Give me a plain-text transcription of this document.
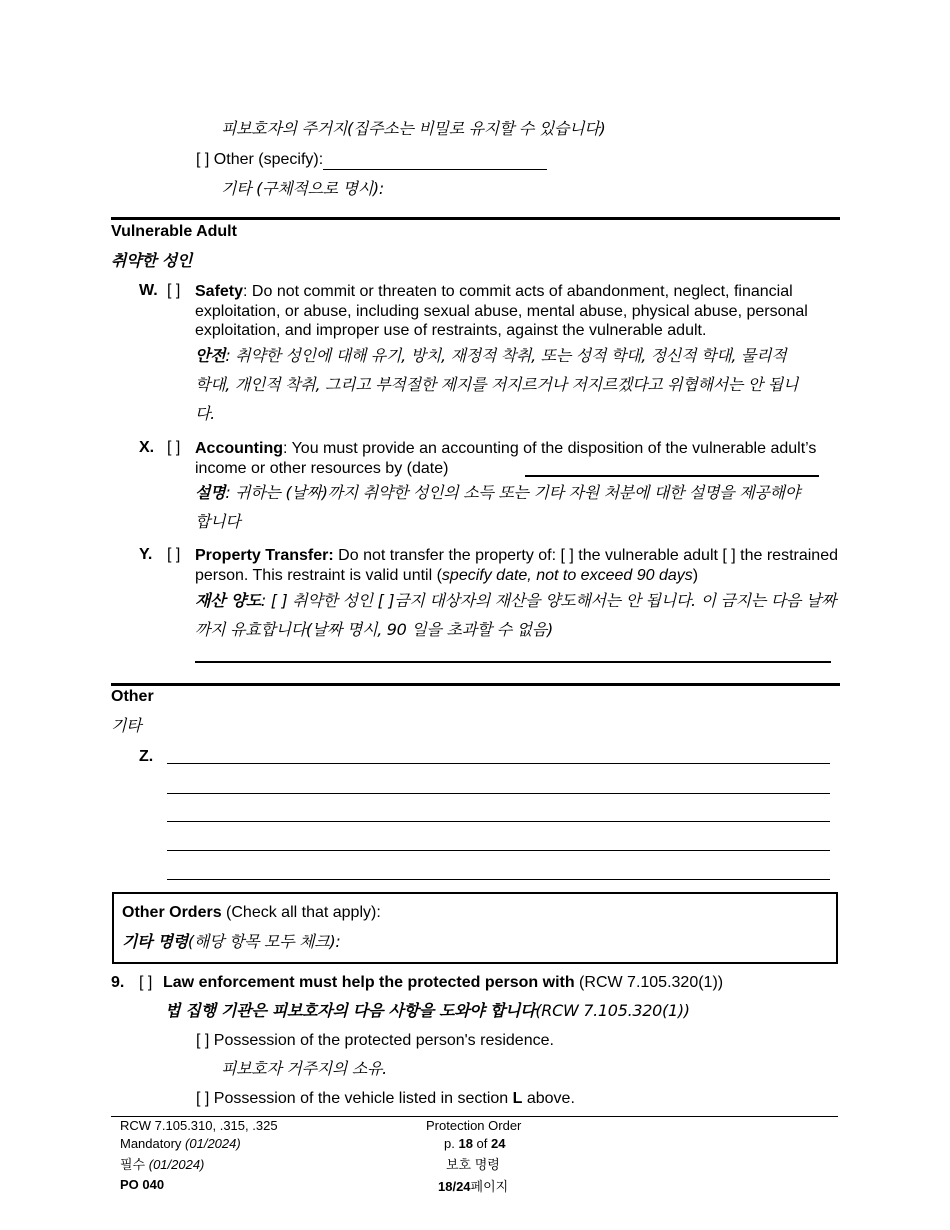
피보호자의 주거지(집주소는 비밀로 유지할 수 있습니다)
[ ] Other (specify):
기타 (구체적으로 명시):
Vulnerable Adult
취약한 성인
W. [ ] Safety: Do not commit or threaten to commit acts of abandonment, neglect, financial exploitation, or abuse, including sexual abuse, mental abuse, physical abuse, personal exploitation, and improper use of restraints, against the vulnerable adult.
안전: 취약한 성인에 대해 유기, 방치, 재정적 착취, 또는 성적 학대, 정신적 학대, 물리적 학대, 개인적 착취, 그리고 부적절한 제지를 저지르거나 저지르겠다고 위협해서는 안 됩니다.
X. [ ] Accounting: You must provide an accounting of the disposition of the vulnerable adult’s income or other resources by (date)
설명: 귀하는 (날짜)까지 취약한 성인의 소득 또는 기타 자원 처분에 대한 설명을 제공해야 합니다
Y. [ ] Property Transfer: Do not transfer the property of: [ ] the vulnerable adult [ ] the restrained person. This restraint is valid until (specify date, not to exceed 90 days)
재산 양도: [ ] 취약한 성인 [ ]금지 대상자의 재산을 양도해서는 안 됩니다. 이 금지는 다음 날짜까지 유효합니다(날짜 명시, 90 일을 초과할 수 없음)
Other
기타
Z.
Other Orders (Check all that apply):
기타 명령(해당 항목 모두 체크):
9. [ ] Law enforcement must help the protected person with (RCW 7.105.320(1))
법 집행 기관은 피보호자의 다음 사항을 도와야 합니다(RCW 7.105.320(1))
[ ] Possession of the protected person's residence.
피보호자 거주지의 소유.
[ ] Possession of the vehicle listed in section L above.
RCW 7.105.310, .315, .325
Mandatory (01/2024)
필수 (01/2024)
PO 040
Protection Order
p. 18 of 24
보호 명령
18/24페이지
